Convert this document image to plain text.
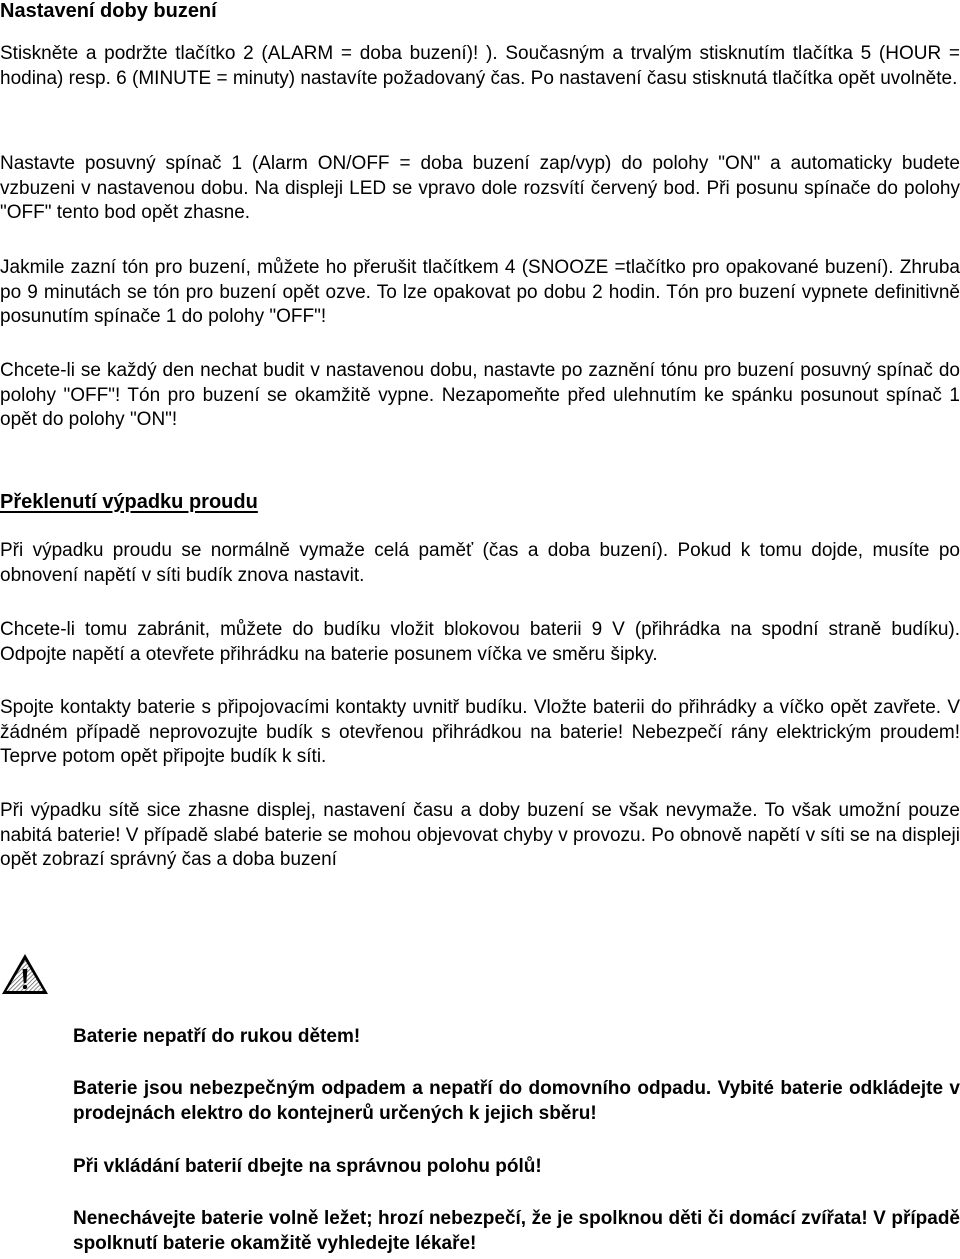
Nastavení doby buzení

Stiskněte a podržte tlačítko 2 (ALARM = doba buzení)! ). Současným a trvalým stisknutím tlačítka 5 (HOUR = hodina) resp. 6 (MINUTE = minuty) nastavíte požadovaný čas. Po nastavení času stisknutá tlačítka opět uvolněte.

Nastavte posuvný spínač 1 (Alarm ON/OFF = doba buzení zap/vyp) do polohy "ON" a automaticky budete vzbuzeni v nastavenou dobu. Na displeji LED se vpravo dole rozsvítí červený bod. Při posunu spínače do polohy "OFF" tento bod opět zhasne.

Jakmile zazní tón pro buzení, můžete ho přerušit tlačítkem 4 (SNOOZE =tlačítko pro opakované buzení). Zhruba po 9 minutách se tón pro buzení opět ozve. To lze opakovat po dobu 2 hodin. Tón pro buzení vypnete definitivně posunutím spínače 1 do polohy "OFF"!

Chcete-li se každý den nechat budit v nastavenou dobu, nastavte po zaznění tónu pro buzení posuvný spínač do polohy "OFF"! Tón pro buzení se okamžitě vypne. Nezapomeňte před ulehnutím ke spánku posunout spínač 1 opět do polohy "ON"!

Překlenutí výpadku proudu

Při výpadku proudu se normálně vymaže celá paměť (čas a doba buzení). Pokud k tomu dojde, musíte po obnovení napětí v síti budík znova nastavit.

Chcete-li tomu zabránit, můžete do budíku vložit blokovou baterii 9 V (přihrádka na spodní straně budíku). Odpojte napětí a otevřete přihrádku na baterie posunem víčka ve směru šipky.

Spojte kontakty baterie s připojovacími kontakty uvnitř budíku. Vložte baterii do přihrádky a víčko opět zavřete. V žádném případě neprovozujte budík s otevřenou přihrádkou na baterie! Nebezpečí rány elektrickým proudem! Teprve potom opět připojte budík k síti.

Při výpadku sítě sice zhasne displej, nastavení času a doby buzení se však nevymaže. To však umožní pouze nabitá baterie! V případě slabé baterie se mohou objevovat chyby v provozu. Po obnově napětí v síti se na displeji opět zobrazí správný čas a doba buzení

Baterie nepatří do rukou dětem!

Baterie jsou nebezpečným odpadem a nepatří do domovního odpadu. Vybité baterie odkládejte v prodejnách elektro do kontejnerů určených k jejich sběru!

Při vkládání baterií dbejte na správnou polohu pólů!

Nenechávejte baterie volně ležet; hrozí nebezpečí, že je spolknou děti či domácí zvířata! V případě spolknutí baterie okamžitě vyhledejte lékaře!
